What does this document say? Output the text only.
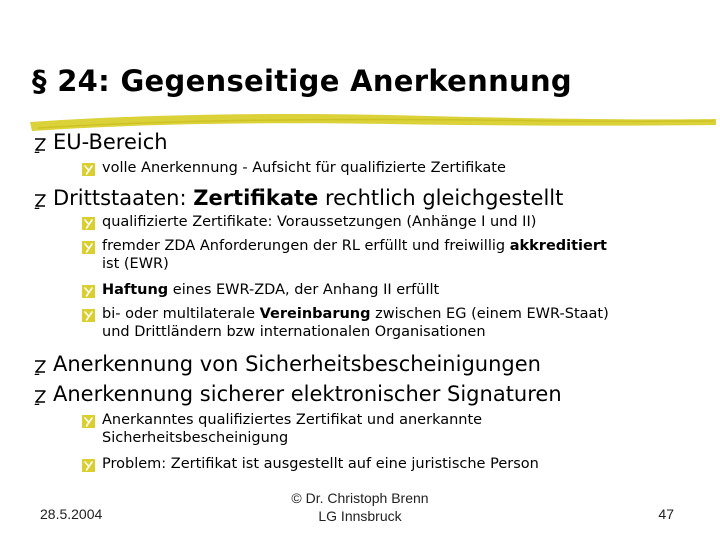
§ 24: Gegenseitige Anerkennung
EU-Bereich
volle Anerkennung - Aufsicht für qualifizierte Zertifikate
Drittstaaten: Zertifikate rechtlich gleichgestellt
qualifizierte Zertifikate: Voraussetzungen (Anhänge I und II)
fremder ZDA Anforderungen der RL erfüllt und freiwillig akkreditiert
ist (EWR)
Haftung eines EWR-ZDA, der Anhang II erfüllt
bi- oder multilaterale Vereinbarung zwischen EG (einem EWR-Staat)
und Drittländern bzw internationalen Organisationen
Anerkennung von Sicherheitsbescheinigungen
Anerkennung sicherer elektronischer Signaturen
Anerkanntes qualifiziertes Zertifikat und anerkannte
Sicherheitsbescheinigung
Problem: Zertifikat ist ausgestellt auf eine juristische Person
28.5.2004
© Dr. Christoph Brenn
LG Innsbruck	47
